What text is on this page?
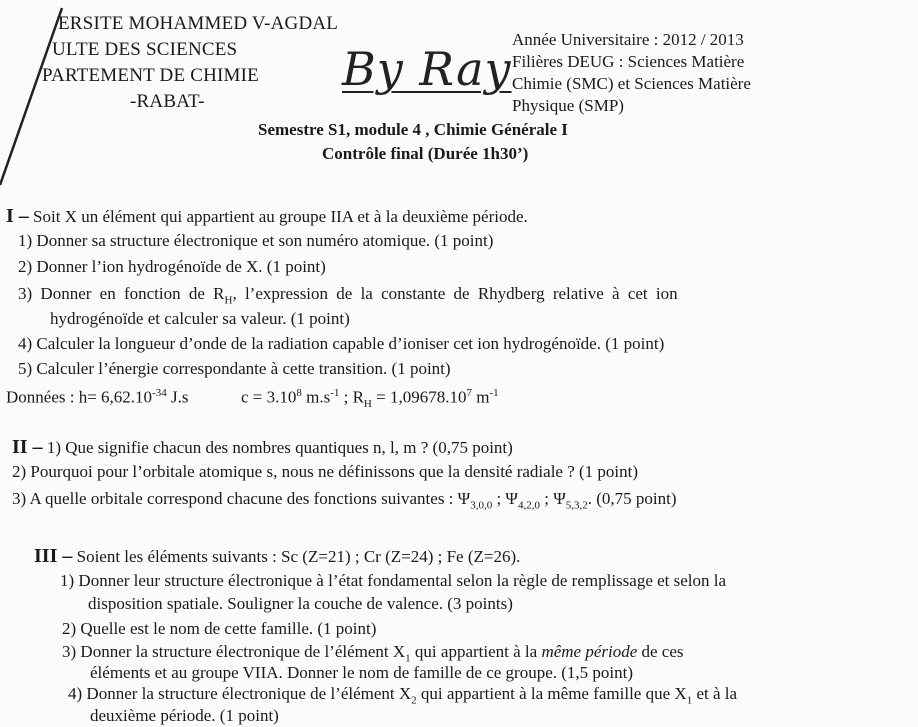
ERSITE MOHAMMED V-AGDAL
ULTE DES SCIENCES
PARTEMENT DE CHIMIE
-RABAT-
By Ray
Année Universitaire : 2012 / 2013
Filières DEUG : Sciences Matière
Chimie (SMC) et Sciences Matière
Physique (SMP)
Semestre S1, module 4 , Chimie Générale I
Contrôle final (Durée 1h30’)
I – Soit X un élément qui appartient au groupe IIA et à la deuxième période.
1) Donner sa structure électronique et son numéro atomique. (1 point)
2) Donner l’ion hydrogénoïde de X. (1 point)
3) Donner en fonction de $R_H$, l’expression de la constante de Rhydberg relative à cet ion
hydrogénoïde et calculer sa valeur. (1 point)
4) Calculer la longueur d’onde de la radiation capable d’ioniser cet ion hydrogénoïde. (1 point)
5) Calculer l’énergie correspondante à cette transition. (1 point)
Données : $h= 6,62.10^{-34}$ J.s	$c = 3.10^8$ $m.s^{-1}$ ; $R_H = 1,09678.10^7$ $m^{-1}$
II – 1) Que signifie chacun des nombres quantiques n, l, m ? (0,75 point)
2) Pourquoi pour l’orbitale atomique s, nous ne définissons que la densité radiale ? (1 point)
3) A quelle orbitale correspond chacune des fonctions suivantes : $\Psi_{3,0,0}$ ; $\Psi_{4,2,0}$ ; $\Psi_{5,3,2}$. (0,75 point)
III – Soient les éléments suivants : Sc (Z=21) ; Cr (Z=24) ; Fe (Z=26).
1) Donner leur structure électronique à l’état fondamental selon la règle de remplissage et selon la
disposition spatiale. Souligner la couche de valence. (3 points)
2) Quelle est le nom de cette famille. (1 point)
3) Donner la structure électronique de l’élément $X_1$ qui appartient à la même période de ces
éléments et au groupe VIIA. Donner le nom de famille de ce groupe. (1,5 point)
4) Donner la structure électronique de l’élément $X_2$ qui appartient à la même famille que $X_1$ et à la
deuxième période. (1 point)
